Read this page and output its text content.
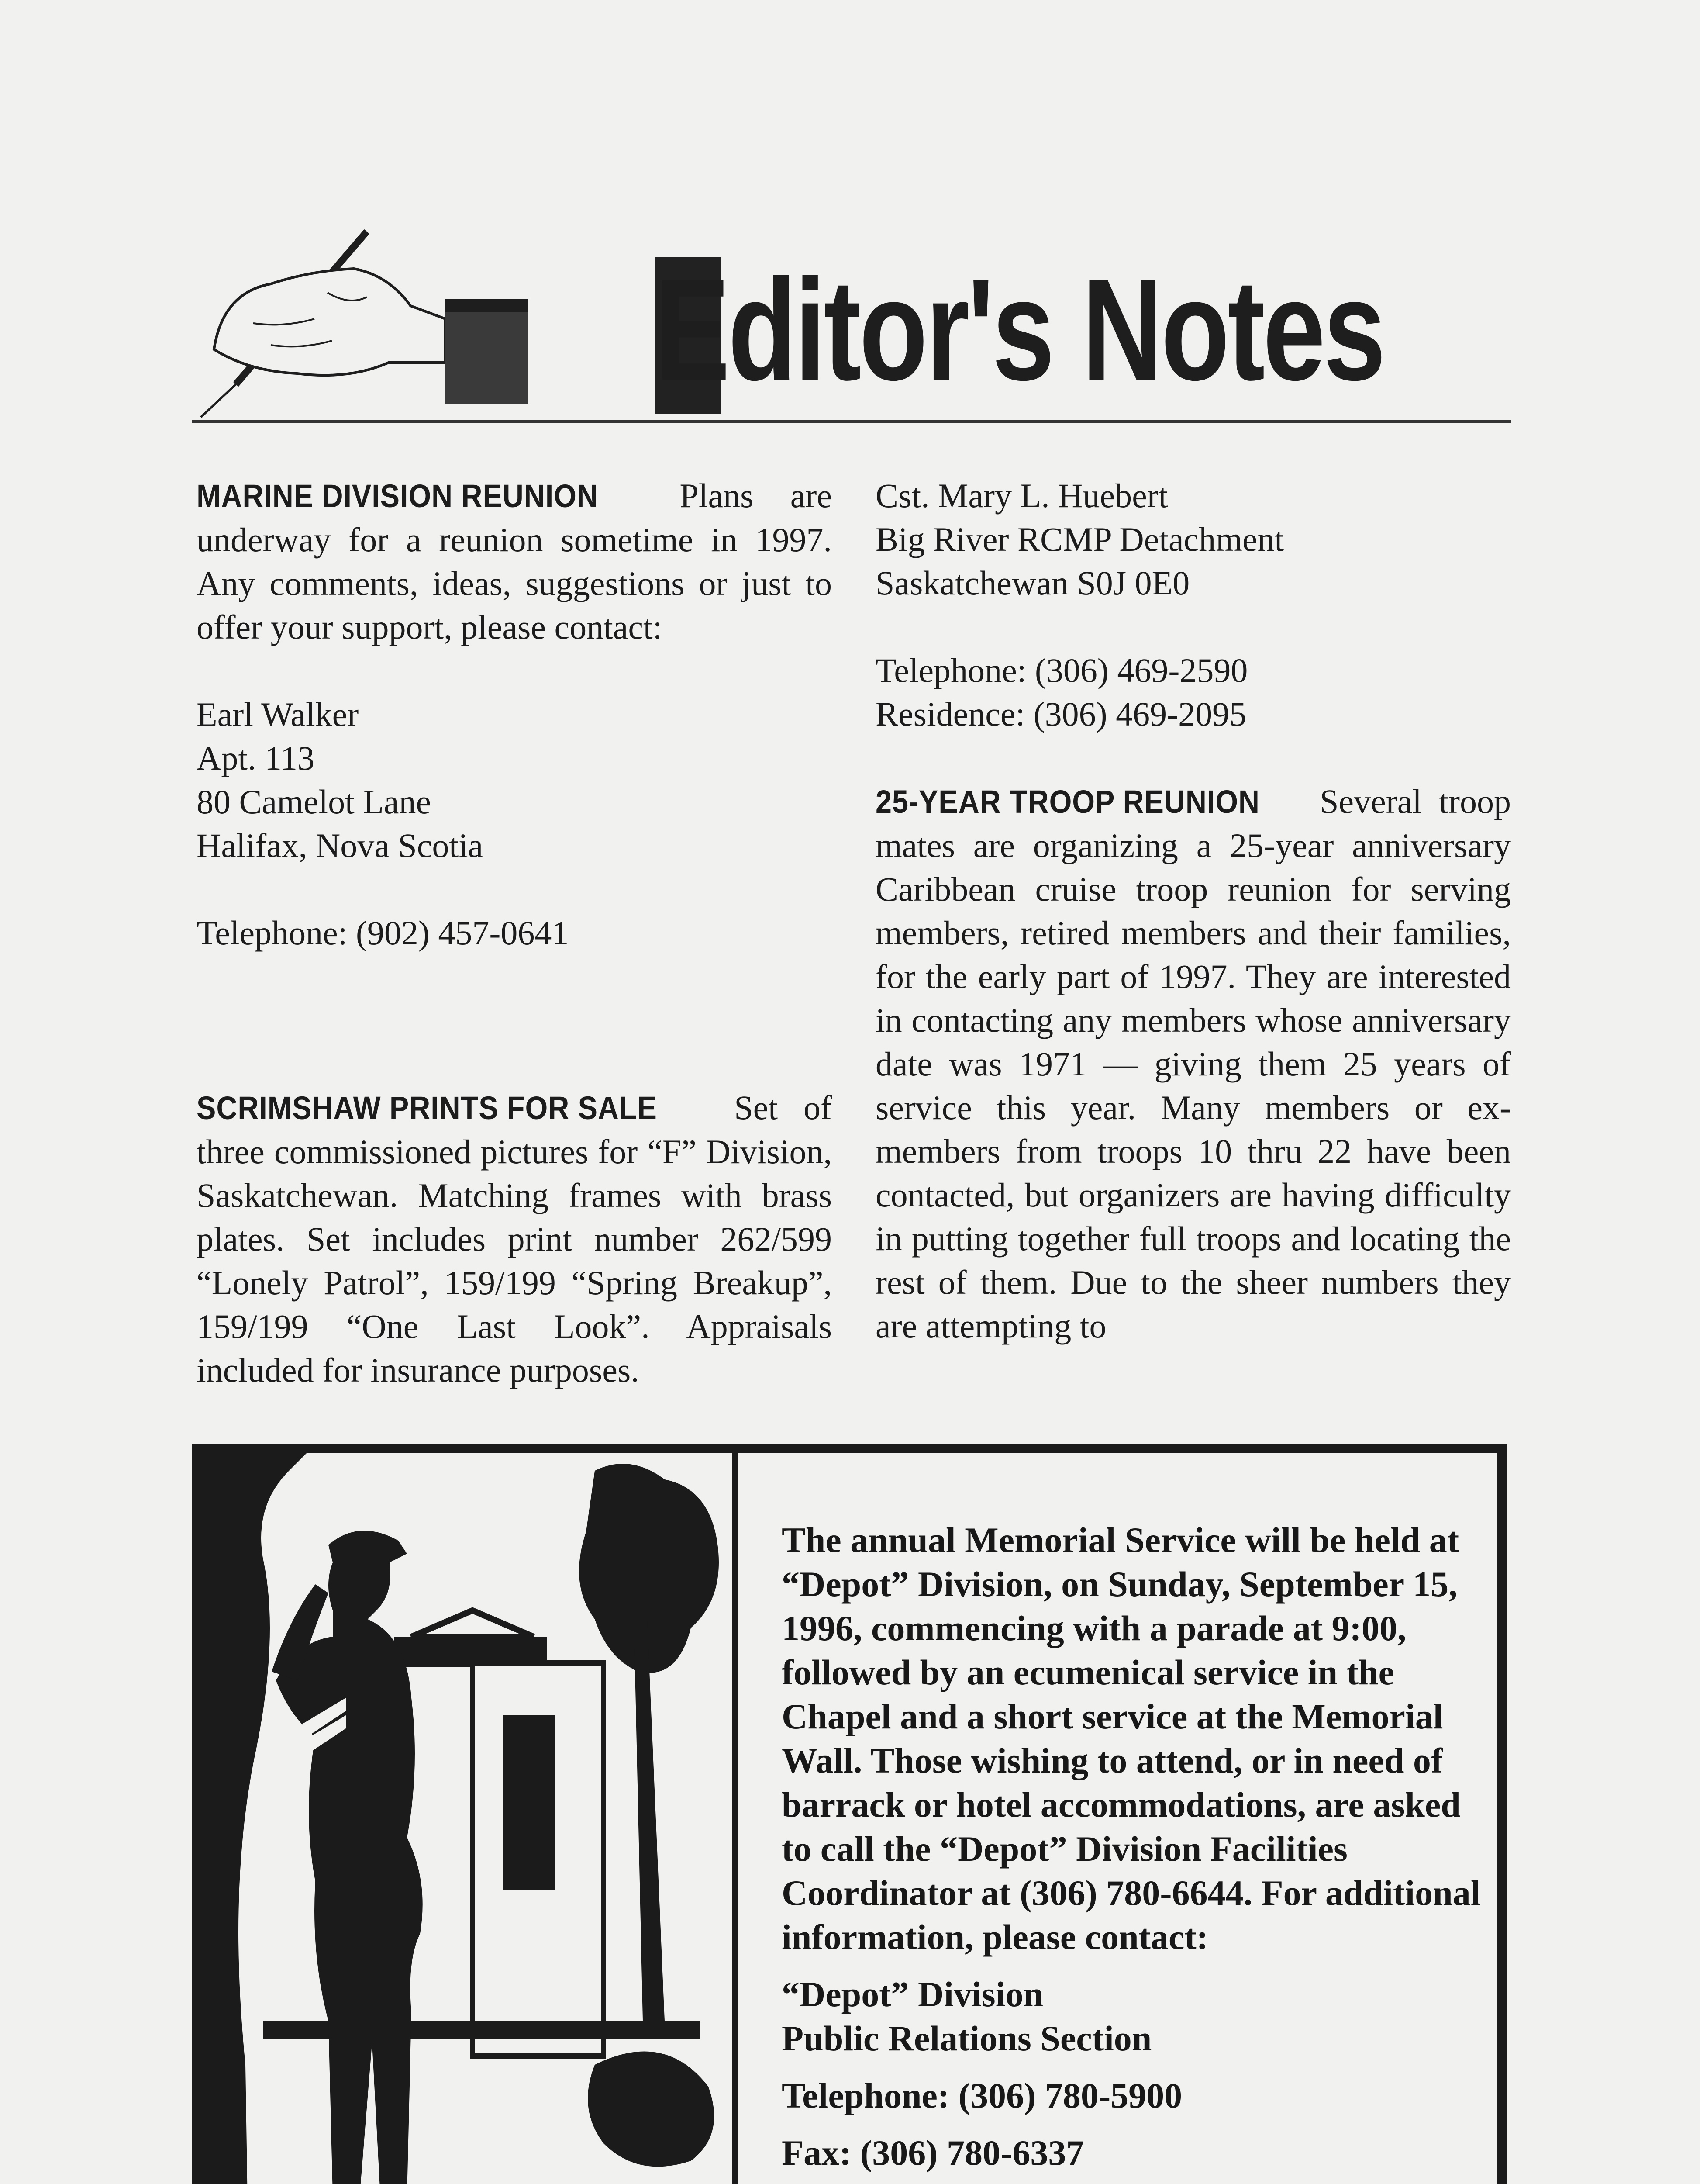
Editor's Notes

MARINE DIVISION REUNION Plans are underway for a reunion sometime in 1997. Any comments, ideas, suggestions or just to offer your support, please contact:

Earl Walker

Apt. 113

80 Camelot Lane

Halifax, Nova Scotia

Telephone: (902) 457-0641

SCRIMSHAW PRINTS FOR SALE Set of three commissioned pictures for “F” Division, Saskatchewan. Matching frames with brass plates. Set includes print number 262/599 “Lonely Patrol”, 159/199 “Spring Breakup”, 159/199 “One Last Look”. Appraisals included for insurance purposes.

Cst. Mary L. Huebert

Big River RCMP Detachment

Saskatchewan S0J 0E0

Telephone: (306) 469-2590

Residence: (306) 469-2095

25-YEAR TROOP REUNION Several troop mates are organizing a 25-year anniversary Caribbean cruise troop reunion for serving members, retired members and their families, for the early part of 1997. They are interested in contacting any members whose anniversary date was 1971 — giving them 25 years of service this year. Many members or ex-members from troops 10 thru 22 have been contacted, but organizers are having difficulty in putting together full troops and locating the rest of them. Due to the sheer numbers they are attempting to

The annual Memorial Service will be held at “Depot” Division, on Sunday, September 15, 1996, commencing with a parade at 9:00, followed by an ecumenical service in the Chapel and a short service at the Memorial Wall. Those wishing to attend, or in need of barrack or hotel accommodations, are asked to call the “Depot” Division Facilities Coordinator at (306) 780-6644. For additional information, please contact:

“Depot” Division

Public Relations Section

Telephone: (306) 780-5900

Fax: (306) 780-6337
